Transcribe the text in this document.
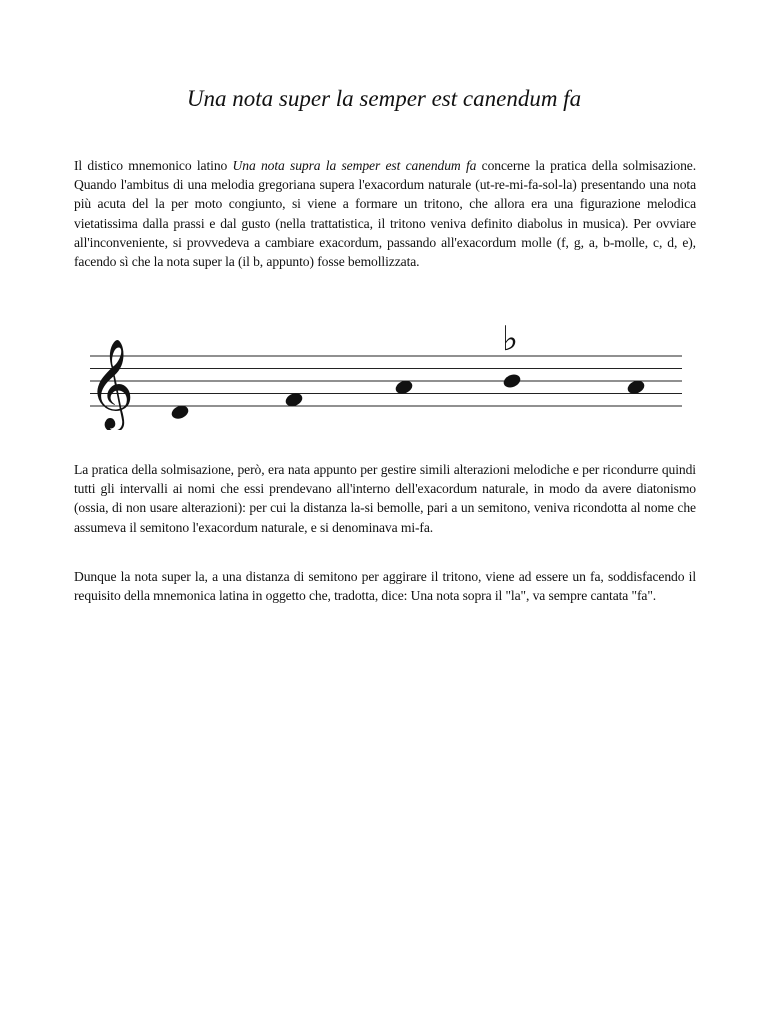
Una nota super la semper est canendum fa

Il distico mnemonico latino Una nota supra la semper est canendum fa concerne la pratica della solmisazione. Quando l'ambitus di una melodia gregoriana supera l'exacordum naturale (ut-re-mi-fa-sol-la) presentando una nota più acuta del la per moto congiunto, si viene a formare un tritono, che allora era una figurazione melodica vietatissima dalla prassi e dal gusto (nella trattatistica, il tritono veniva definito diabolus in musica). Per ovviare all'inconveniente, si provvedeva a cambiare exacordum, passando all'exacordum molle (f, g, a, b-molle, c, d, e), facendo sì che la nota super la (il b, appunto) fosse bemollizzata.

𝄞	♭

La pratica della solmisazione, però, era nata appunto per gestire simili alterazioni melodiche e per ricondurre quindi tutti gli intervalli ai nomi che essi prendevano all'interno dell'exacordum naturale, in modo da avere diatonismo (ossia, di non usare alterazioni): per cui la distanza la-si bemolle, pari a un semitono, veniva ricondotta al nome che assumeva il semitono l'exacordum naturale, e si denominava mi-fa.

Dunque la nota super la, a una distanza di semitono per aggirare il tritono, viene ad essere un fa, soddisfacendo il requisito della mnemonica latina in oggetto che, tradotta, dice: Una nota sopra il "la", va sempre cantata "fa".
